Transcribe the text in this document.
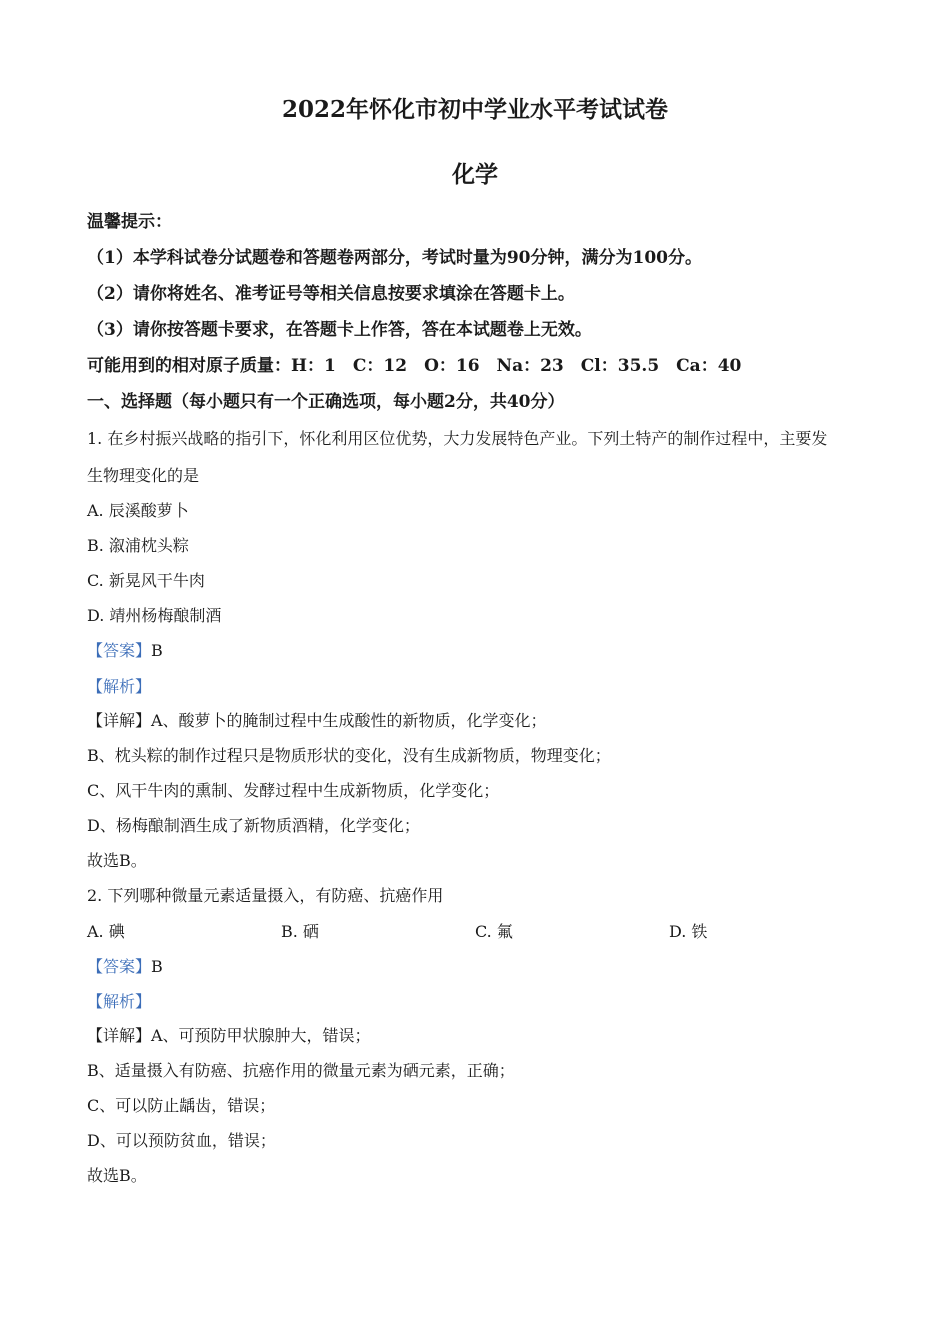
2022年怀化市初中学业水平考试试卷
化学
温馨提示：
（1）本学科试卷分试题卷和答题卷两部分，考试时量为90分钟，满分为100分。
（2）请你将姓名、准考证号等相关信息按要求填涂在答题卡上。
（3）请你按答题卡要求，在答题卡上作答，答在本试题卷上无效。
可能用到的相对原子质量：H：1　C：12　O：16　Na：23　Cl：35.5　Ca：40
一、选择题（每小题只有一个正确选项，每小题2分，共40分）
1. 在乡村振兴战略的指引下，怀化利用区位优势，大力发展特色产业。下列土特产的制作过程中，主要发
生物理变化的是
A. 辰溪酸萝卜
B. 溆浦枕头粽
C. 新晃风干牛肉
D. 靖州杨梅酿制酒
【答案】B
【解析】
【详解】A、酸萝卜的腌制过程中生成酸性的新物质，化学变化；
B、枕头粽的制作过程只是物质形状的变化，没有生成新物质，物理变化；
C、风干牛肉的熏制、发酵过程中生成新物质，化学变化；
D、杨梅酿制酒生成了新物质酒精，化学变化；
故选B。
2. 下列哪种微量元素适量摄入，有防癌、抗癌作用
A. 碘	B. 硒	C. 氟	D. 铁
【答案】B
【解析】
【详解】A、可预防甲状腺肿大，错误；
B、适量摄入有防癌、抗癌作用的微量元素为硒元素，正确；
C、可以防止龋齿，错误；
D、可以预防贫血，错误；
故选B。
